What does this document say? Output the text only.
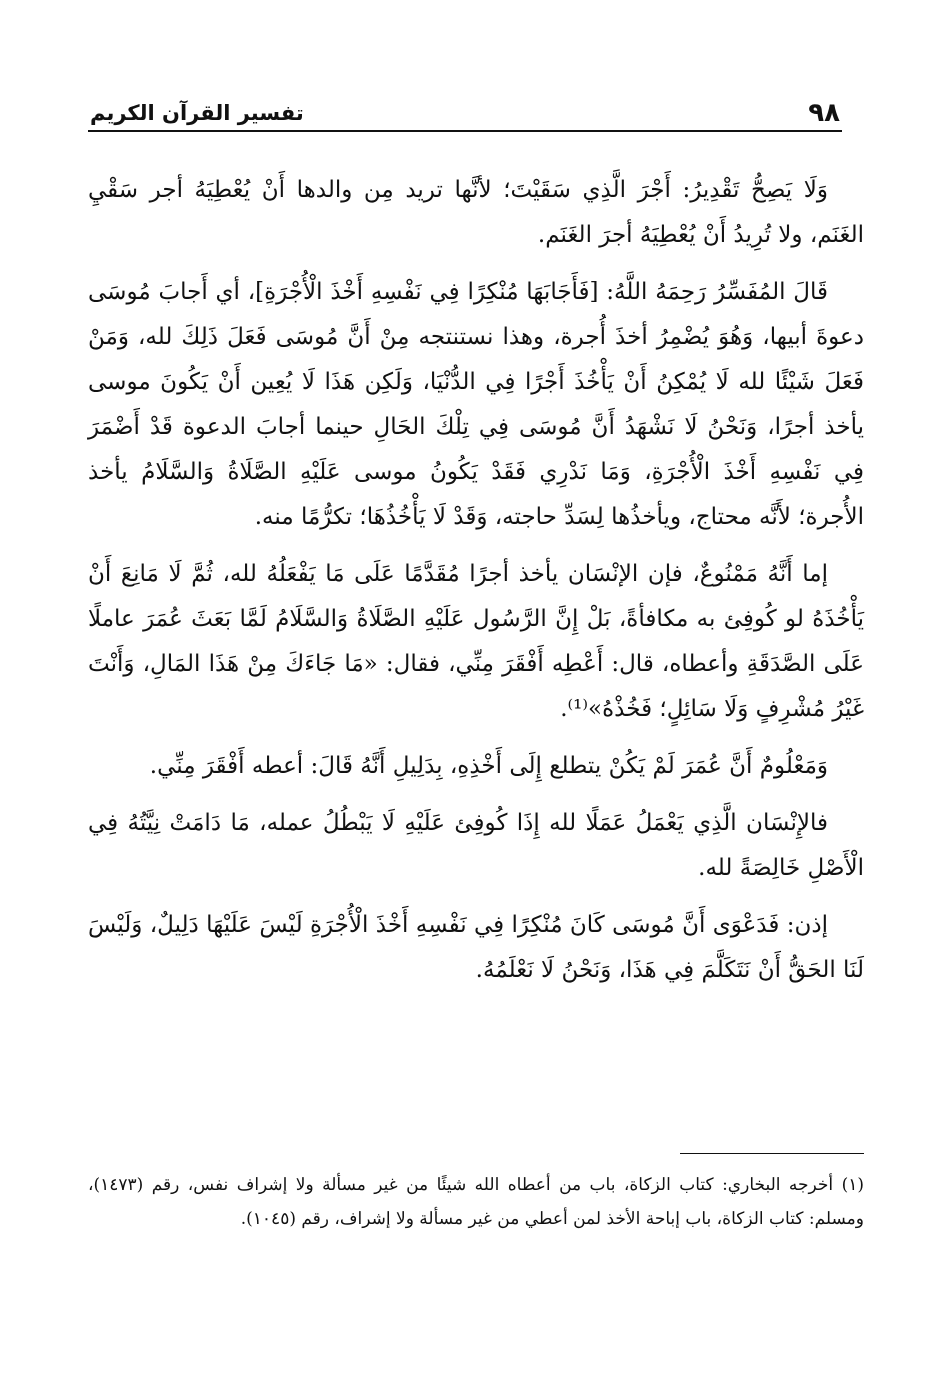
٩٨
تفسير القرآن الكريم

وَلَا يَصِحُّ تَقْدِيرُ: أَجْرَ الَّذِي سَقَيْتَ؛ لأنَّها تريد مِن والدها أَنْ يُعْطِيَهُ أجر سَقْيِ الغَنَم، ولا تُرِيدُ أَنْ يُعْطِيَهُ أجرَ الغَنَم.

قَالَ المُفَسِّرُ رَحِمَهُ اللَّهُ: [فَأَجَابَهَا مُنْكِرًا فِي نَفْسِهِ أَخْذَ الْأُجْرَةِ]، أي أَجابَ مُوسَى دعوةَ أبيها، وَهُوَ يُضْمِرُ أخذَ أُجرة، وهذا نستنتجه مِنْ أَنَّ مُوسَى فَعَلَ ذَلِكَ لله، وَمَنْ فَعَلَ شَيْئًا لله لَا يُمْكِنُ أَنْ يَأْخُذَ أَجْرًا فِي الدُّنْيَا، وَلَكِن هَذَا لَا يُعِين أَنْ يَكُونَ موسى يأخذ أجرًا، وَنَحْنُ لَا نَشْهَدُ أَنَّ مُوسَى فِي تِلْكَ الحَالِ حينما أجابَ الدعوة قَدْ أَضْمَرَ فِي نَفْسِهِ أَخْذَ الْأُجْرَةِ، وَمَا نَدْرِي فَقَدْ يَكُونُ موسى عَلَيْهِ الصَّلَاةُ وَالسَّلَامُ يأخذ الأُجرة؛ لأَنَّه محتاج، ويأخذُها لِسَدِّ حاجته، وَقَدْ لَا يَأْخُذُهَا؛ تكرُّمًا منه.

إما أَنَّهُ مَمْنُوعٌ، فإن الإنْسَان يأخذ أجرًا مُقَدَّمًا عَلَى مَا يَفْعَلُهُ لله، ثُمَّ لَا مَانِعَ أَنْ يَأْخُذَهُ لو كُوفِئ به مكافأةً، بَلْ إِنَّ الرَّسُول عَلَيْهِ الصَّلَاةُ وَالسَّلَامُ لَمَّا بَعَثَ عُمَرَ عاملًا عَلَى الصَّدَقَةِ وأعطاه، قال: أَعْطِه أَفْقَرَ مِنِّي، فقال: «مَا جَاءَكَ مِنْ هَذَا المَالِ، وَأَنْتَ غَيْرُ مُشْرِفٍ وَلَا سَائِلٍ؛ فَخُذْهُ»⁽¹⁾.

وَمَعْلُومٌ أَنَّ عُمَرَ لَمْ يَكُنْ يتطلع إِلَى أَخْذِهِ، بِدَلِيلِ أَنَّهُ قَالَ: أعطه أَفْقَرَ مِنِّي.

فالإِنْسَان الَّذِي يَعْمَلُ عَمَلًا لله إِذَا كُوفِئ عَلَيْهِ لَا يَبْطُلُ عمله، مَا دَامَتْ نِيَّتُهُ فِي الْأَصْلِ خَالِصَةً لله.

إذن: فَدَعْوَى أَنَّ مُوسَى كَانَ مُنْكِرًا فِي نَفْسِهِ أَخْذَ الْأُجْرَةِ لَيْسَ عَلَيْهَا دَلِيلٌ، وَلَيْسَ لَنَا الحَقُّ أَنْ نَتَكَلَّمَ فِي هَذَا، وَنَحْنُ لَا نَعْلَمُهُ.

(١) أخرجه البخاري: كتاب الزكاة، باب من أعطاه الله شيئًا من غير مسألة ولا إشراف نفس، رقم (١٤٧٣)، ومسلم: كتاب الزكاة، باب إباحة الأخذ لمن أعطي من غير مسألة ولا إشراف، رقم (١٠٤٥).
